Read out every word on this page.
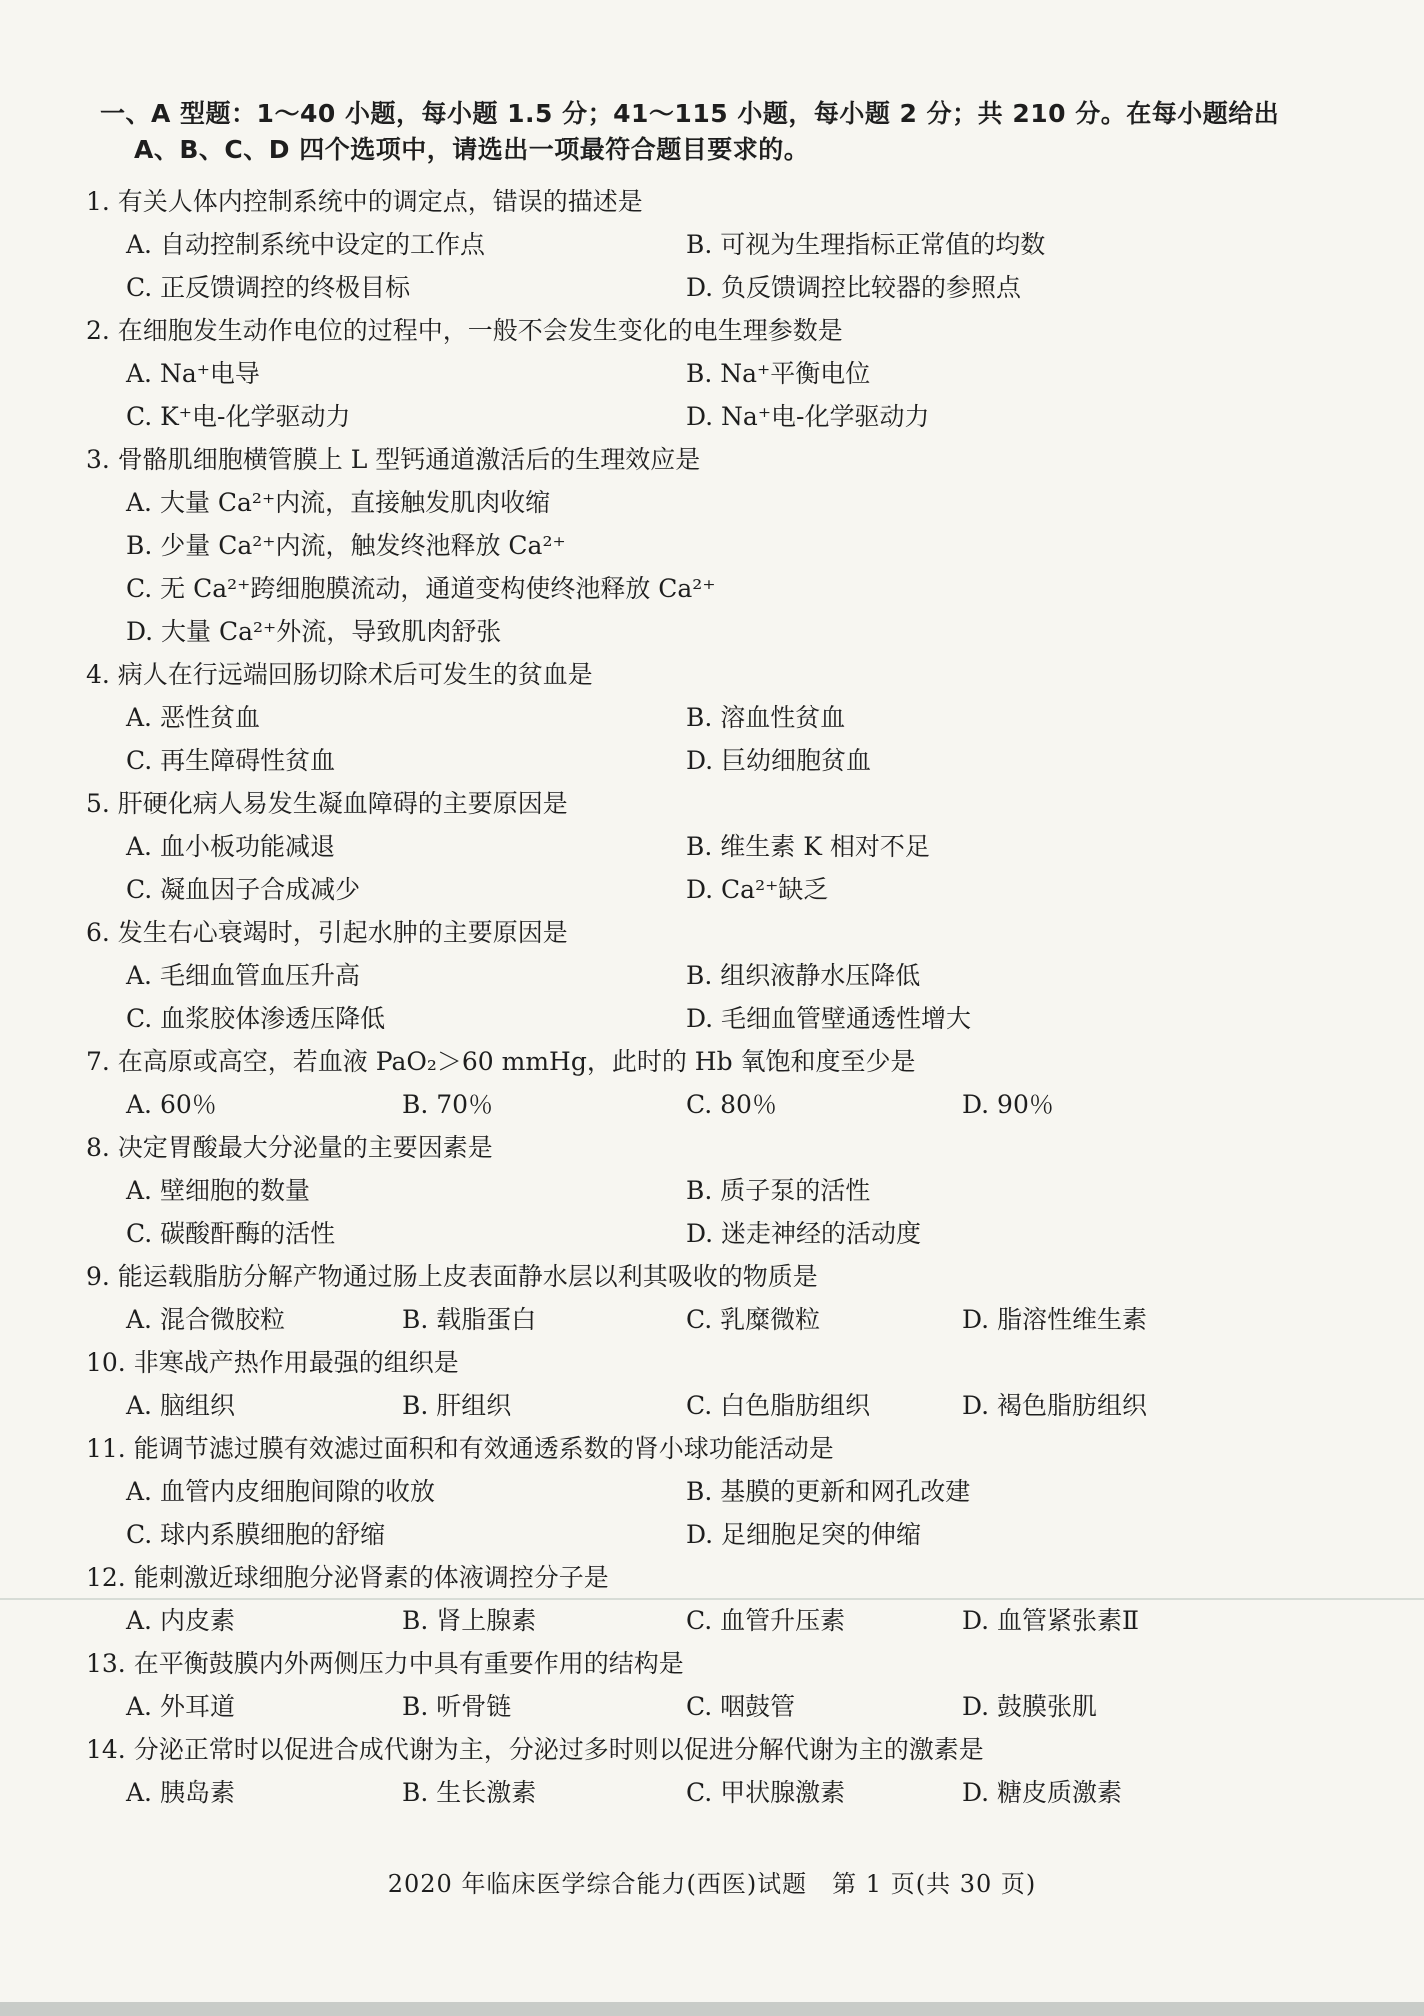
一、A 型题：1～40 小题，每小题 1.5 分；41～115 小题，每小题 2 分；共 210 分。在每小题给出
A、B、C、D 四个选项中，请选出一项最符合题目要求的。
1. 有关人体内控制系统中的调定点，错误的描述是
A. 自动控制系统中设定的工作点	B. 可视为生理指标正常值的均数
C. 正反馈调控的终极目标	D. 负反馈调控比较器的参照点
2. 在细胞发生动作电位的过程中，一般不会发生变化的电生理参数是
A. Na⁺电导	B. Na⁺平衡电位
C. K⁺电-化学驱动力	D. Na⁺电-化学驱动力
3. 骨骼肌细胞横管膜上 L 型钙通道激活后的生理效应是
A. 大量 Ca²⁺内流，直接触发肌肉收缩
B. 少量 Ca²⁺内流，触发终池释放 Ca²⁺
C. 无 Ca²⁺跨细胞膜流动，通道变构使终池释放 Ca²⁺
D. 大量 Ca²⁺外流，导致肌肉舒张
4. 病人在行远端回肠切除术后可发生的贫血是
A. 恶性贫血	B. 溶血性贫血
C. 再生障碍性贫血	D. 巨幼细胞贫血
5. 肝硬化病人易发生凝血障碍的主要原因是
A. 血小板功能减退	B. 维生素 K 相对不足
C. 凝血因子合成减少	D. Ca²⁺缺乏
6. 发生右心衰竭时，引起水肿的主要原因是
A. 毛细血管血压升高	B. 组织液静水压降低
C. 血浆胶体渗透压降低	D. 毛细血管壁通透性增大
7. 在高原或高空，若血液 PaO₂＞60 mmHg，此时的 Hb 氧饱和度至少是
A. 60％	B. 70％	C. 80％	D. 90％
8. 决定胃酸最大分泌量的主要因素是
A. 壁细胞的数量	B. 质子泵的活性
C. 碳酸酐酶的活性	D. 迷走神经的活动度
9. 能运载脂肪分解产物通过肠上皮表面静水层以利其吸收的物质是
A. 混合微胶粒	B. 载脂蛋白	C. 乳糜微粒	D. 脂溶性维生素
10. 非寒战产热作用最强的组织是
A. 脑组织	B. 肝组织	C. 白色脂肪组织	D. 褐色脂肪组织
11. 能调节滤过膜有效滤过面积和有效通透系数的肾小球功能活动是
A. 血管内皮细胞间隙的收放	B. 基膜的更新和网孔改建
C. 球内系膜细胞的舒缩	D. 足细胞足突的伸缩
12. 能刺激近球细胞分泌肾素的体液调控分子是
A. 内皮素	B. 肾上腺素	C. 血管升压素	D. 血管紧张素Ⅱ
13. 在平衡鼓膜内外两侧压力中具有重要作用的结构是
A. 外耳道	B. 听骨链	C. 咽鼓管	D. 鼓膜张肌
14. 分泌正常时以促进合成代谢为主，分泌过多时则以促进分解代谢为主的激素是
A. 胰岛素	B. 生长激素	C. 甲状腺激素	D. 糖皮质激素
2020 年临床医学综合能力(西医)试题　第 1 页(共 30 页)
